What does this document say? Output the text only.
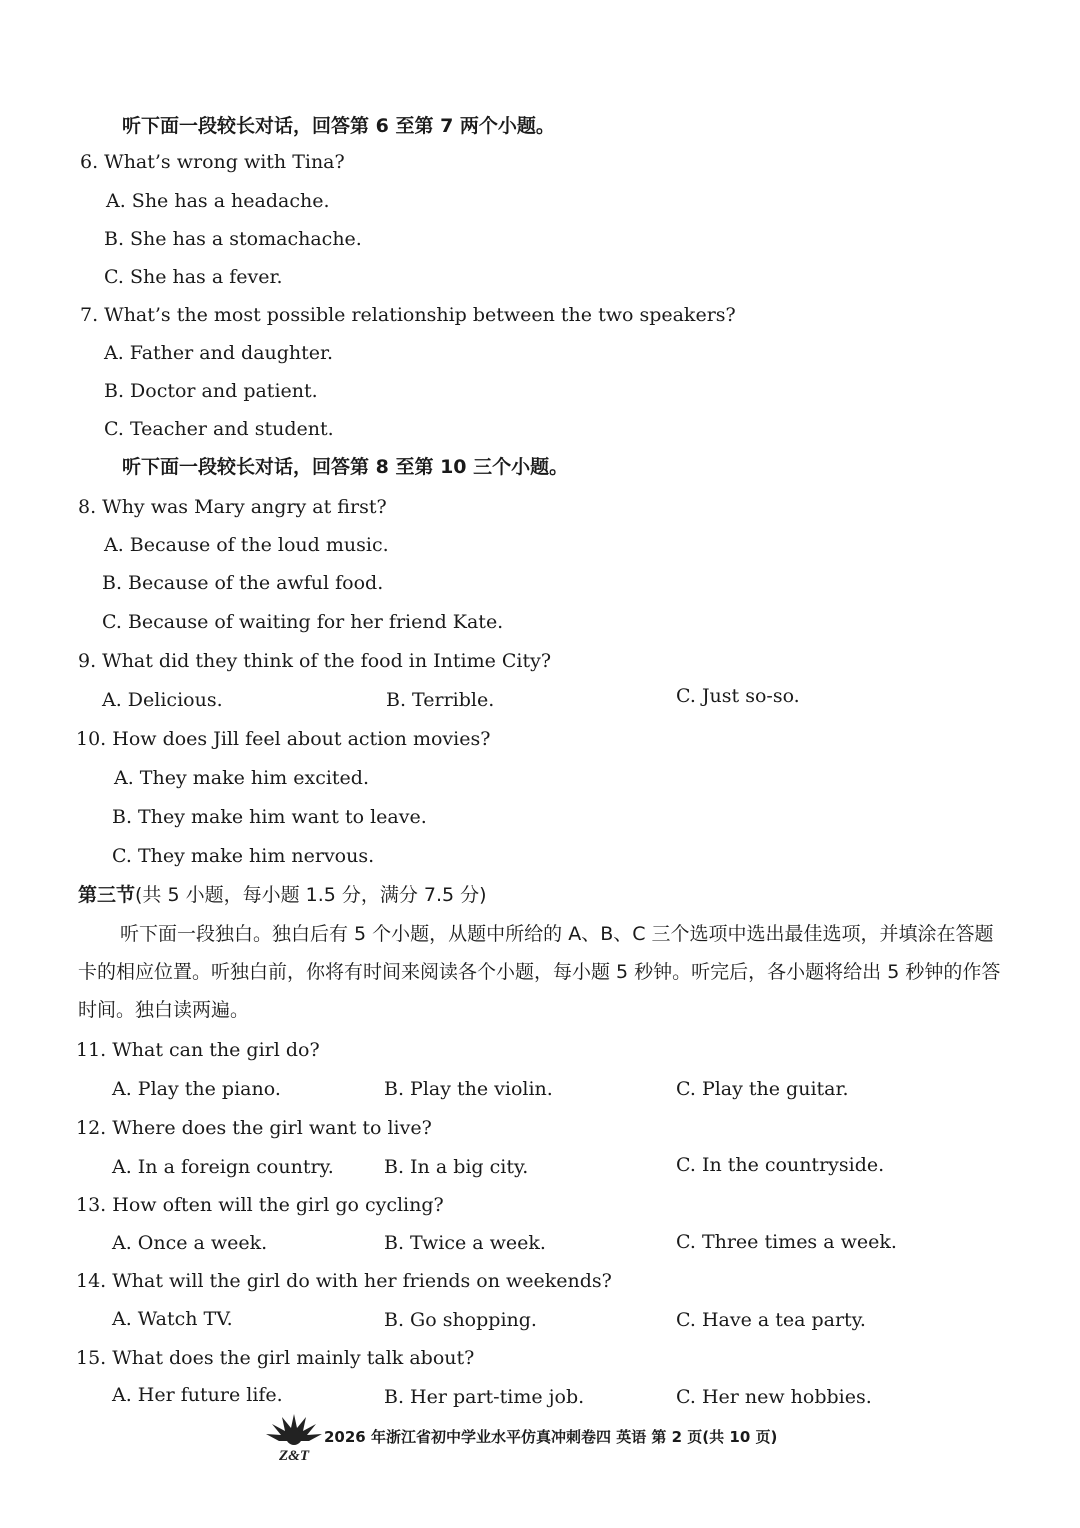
听下面一段较长对话，回答第 6 至第 7 两个小题。
6. What’s wrong with Tina?
A. She has a headache.
B. She has a stomachache.
C. She has a fever.
7. What’s the most possible relationship between the two speakers?
A. Father and daughter.
B. Doctor and patient.
C. Teacher and student.
听下面一段较长对话，回答第 8 至第 10 三个小题。
8. Why was Mary angry at first?
A. Because of the loud music.
B. Because of the awful food.
C. Because of waiting for her friend Kate.
9. What did they think of the food in Intime City?
A. Delicious.	B. Terrible.	C. Just so-so.
10. How does Jill feel about action movies?
A. They make him excited.
B. They make him want to leave.
C. They make him nervous.
第三节(共 5 小题，每小题 1.5 分，满分 7.5 分)
听下面一段独白。独白后有 5 个小题，从题中所给的 A、B、C 三个选项中选出最佳选项，并填涂在答题卡的相应位置。听独白前，你将有时间来阅读各个小题，每小题 5 秒钟。听完后，各小题将给出 5 秒钟的作答时间。独白读两遍。
11. What can the girl do?
A. Play the piano.	B. Play the violin.	C. Play the guitar.
12. Where does the girl want to live?
A. In a foreign country.	B. In a big city.	C. In the countryside.
13. How often will the girl go cycling?
A. Once a week.	B. Twice a week.	C. Three times a week.
14. What will the girl do with her friends on weekends?
A. Watch TV.	B. Go shopping.	C. Have a tea party.
15. What does the girl mainly talk about?
A. Her future life.	B. Her part-time job.	C. Her new hobbies.
Z&T
2026 年浙江省初中学业水平仿真冲刺卷四 英语 第 2 页(共 10 页)
